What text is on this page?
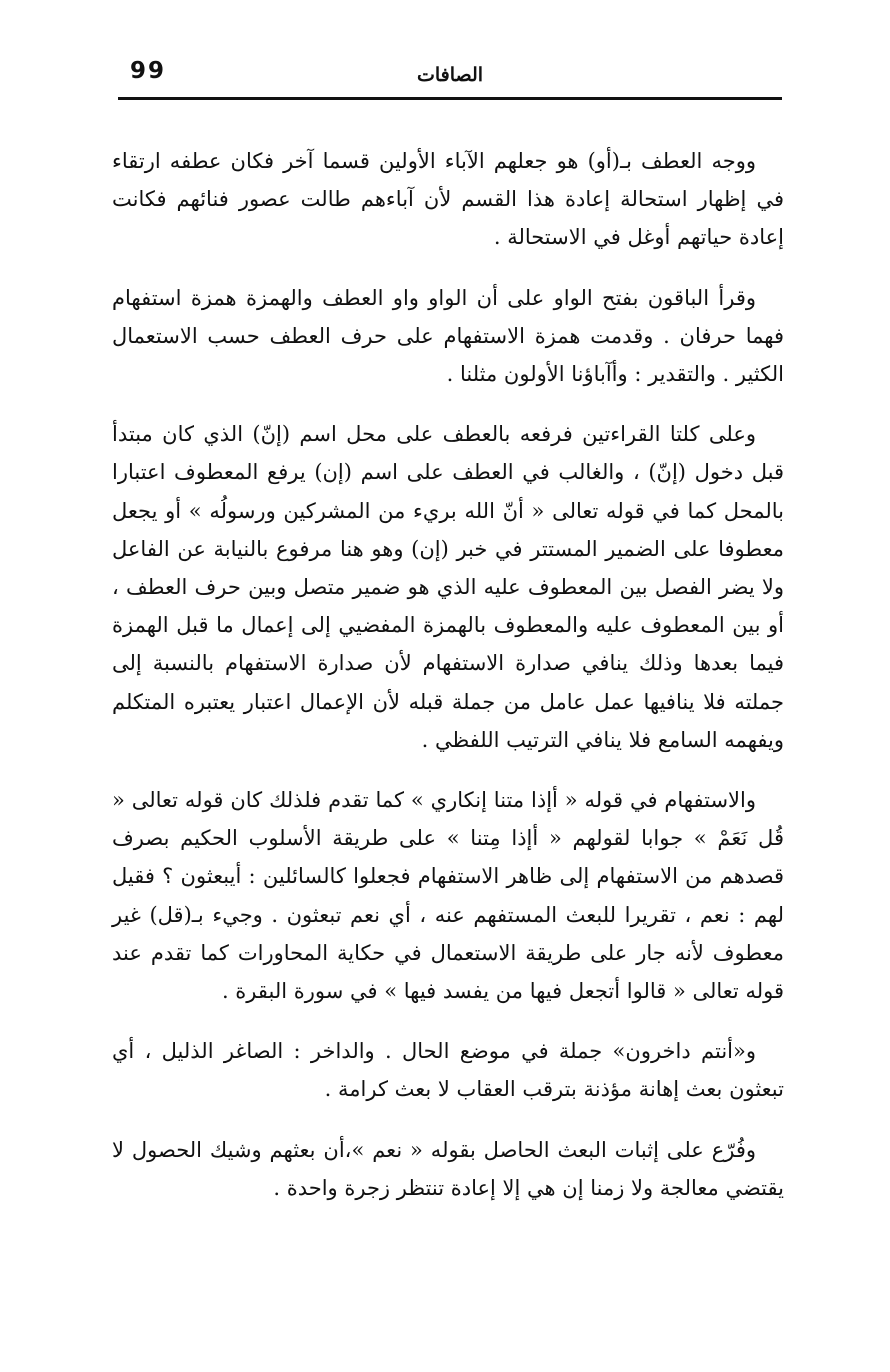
99	الصافات

ووجه العطف بـ(أو) هو جعلهم الآباء الأولين قسما آخر فكان عطفه ارتقاء في إظهار استحالة إعادة هذا القسم لأن آباءهم طالت عصور فنائهم فكانت إعادة حياتهم أوغل في الاستحالة .

وقرأ الباقون بفتح الواو على أن الواو واو العطف والهمزة همزة استفهام فهما حرفان . وقدمت همزة الاستفهام على حرف العطف حسب الاستعمال الكثير . والتقدير : وأآباؤنا الأولون مثلنا .

وعلى كلتا القراءتين فرفعه بالعطف على محل اسم (إنّ) الذي كان مبتدأ قبل دخول (إنّ) ، والغالب في العطف على اسم (إن) يرفع المعطوف اعتبارا بالمحل كما في قوله تعالى « أنّ الله بريء من المشركين ورسولُه » أو يجعل معطوفا على الضمير المستتر في خبر (إن) وهو هنا مرفوع بالنيابة عن الفاعل ولا يضر الفصل بين المعطوف عليه الذي هو ضمير متصل وبين حرف العطف ، أو بين المعطوف عليه والمعطوف بالهمزة المفضيي إلى إعمال ما قبل الهمزة فيما بعدها وذلك ينافي صدارة الاستفهام لأن صدارة الاستفهام بالنسبة إلى جملته فلا ينافيها عمل عامل من جملة قبله لأن الإعمال اعتبار يعتبره المتكلم ويفهمه السامع فلا ينافي الترتيب اللفظي .

والاستفهام في قوله « أإذا متنا إنكاري » كما تقدم فلذلك كان قوله تعالى « قُل نَعَمْ » جوابا لقولهم « أإذا مِتنا » على طريقة الأسلوب الحكيم بصرف قصدهم من الاستفهام إلى ظاهر الاستفهام فجعلوا كالسائلين : أيبعثون ؟ فقيل لهم : نعم ، تقريرا للبعث المستفهم عنه ، أي نعم تبعثون . وجيء بـ(قل) غير معطوف لأنه جار على طريقة الاستعمال في حكاية المحاورات كما تقدم عند قوله تعالى « قالوا أتجعل فيها من يفسد فيها » في سورة البقرة .

و«أنتم داخرون» جملة في موضع الحال . والداخر : الصاغر الذليل ، أي تبعثون بعث إهانة مؤذنة بترقب العقاب لا بعث كرامة .

وفُرّع على إثبات البعث الحاصل بقوله « نعم »،أن بعثهم وشيك الحصول لا يقتضي معالجة ولا زمنا إن هي إلا إعادة تنتظر زجرة واحدة .
